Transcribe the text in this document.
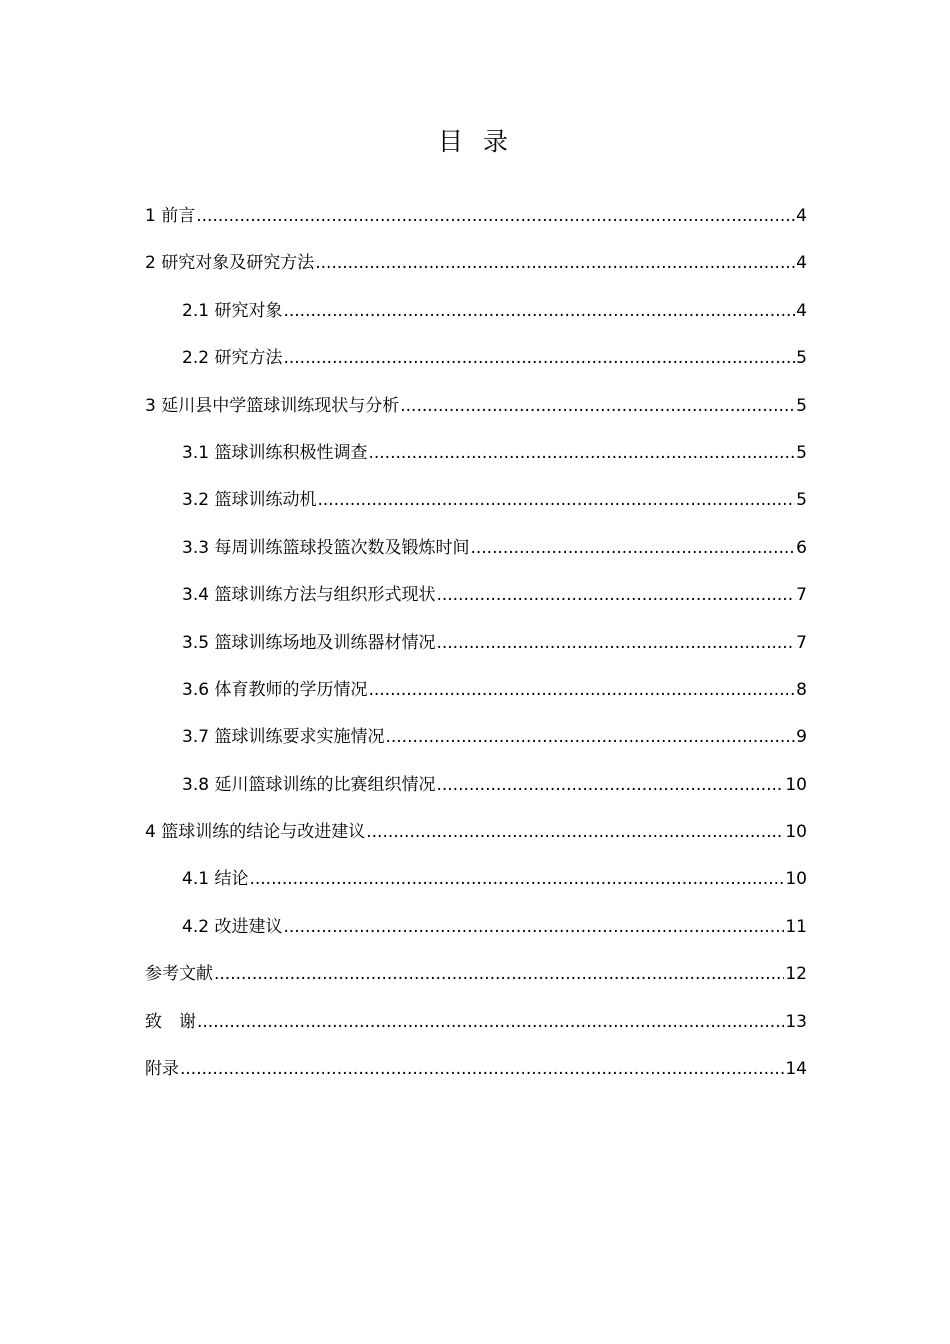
目录
1 前言 .....	4
2 研究对象及研究方法 .....	4
2.1 研究对象 .....	4
2.2 研究方法 .....	5
3 延川县中学篮球训练现状与分析 .....	5
3.1 篮球训练积极性调查 .....	5
3.2 篮球训练动机 .....	5
3.3 每周训练篮球投篮次数及锻炼时间 .....	6
3.4 篮球训练方法与组织形式现状 .....	7
3.5 篮球训练场地及训练器材情况 .....	7
3.6 体育教师的学历情况 .....	8
3.7 篮球训练要求实施情况 .....	9
3.8 延川篮球训练的比赛组织情况 .....	10
4 篮球训练的结论与改进建议 .....	10
4.1 结论 .....	10
4.2 改进建议 .....	11
参考文献 .....	12
致　谢 .....	13
附录 .....	14
